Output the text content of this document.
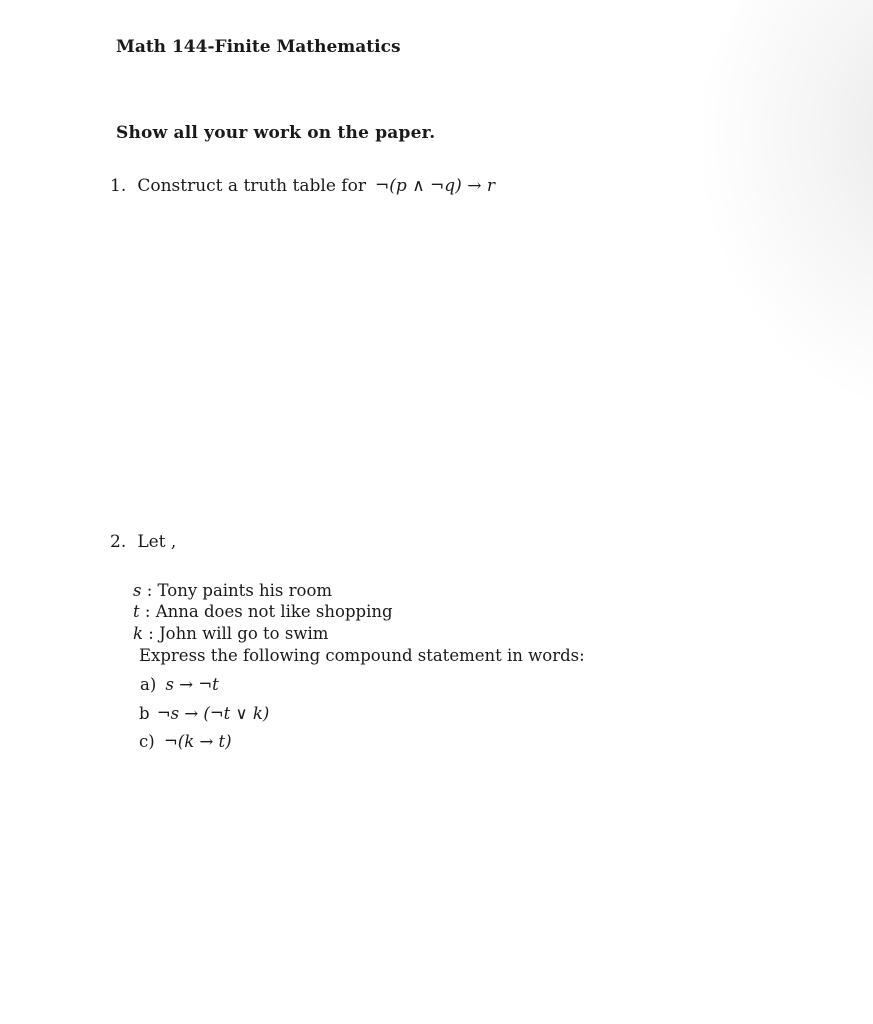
Math 144-Finite Mathematics
Show all your work on the paper.
1. Construct a truth table for ¬(p ∧ ¬q) → r
2. Let ,
s : Tony paints his room
t : Anna does not like shopping
k : John will go to swim
Express the following compound statement in words:
a) s → ¬t
b ¬s → (¬t ∨ k)
c) ¬(k → t)
